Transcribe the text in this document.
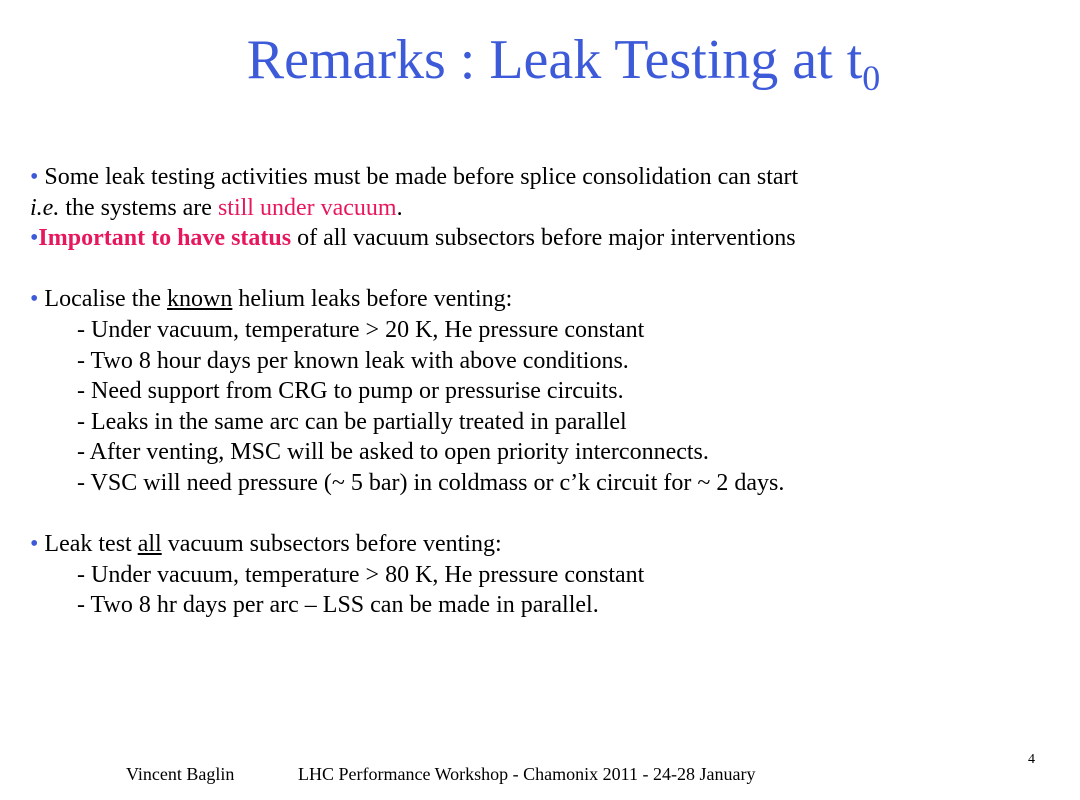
Remarks : Leak Testing at $t_0$
• Some leak testing activities must be made before splice consolidation can start
i.e. the systems are still under vacuum.
•Important to have status of all vacuum subsectors before major interventions
• Localise the known helium leaks before venting:
- Under vacuum, temperature > 20 K, He pressure constant
- Two 8 hour days per known leak with above conditions.
- Need support from CRG to pump or pressurise circuits.
- Leaks in the same arc can be partially treated in parallel
- After venting, MSC will be asked to open priority interconnects.
- VSC will need pressure (~ 5 bar) in coldmass or c’k circuit for ~ 2 days.
• Leak test all vacuum subsectors before venting:
- Under vacuum, temperature > 80 K, He pressure constant
- Two 8 hr days per arc – LSS can be made in parallel.
4
Vincent Baglin	LHC Performance Workshop - Chamonix 2011 - 24-28 January
